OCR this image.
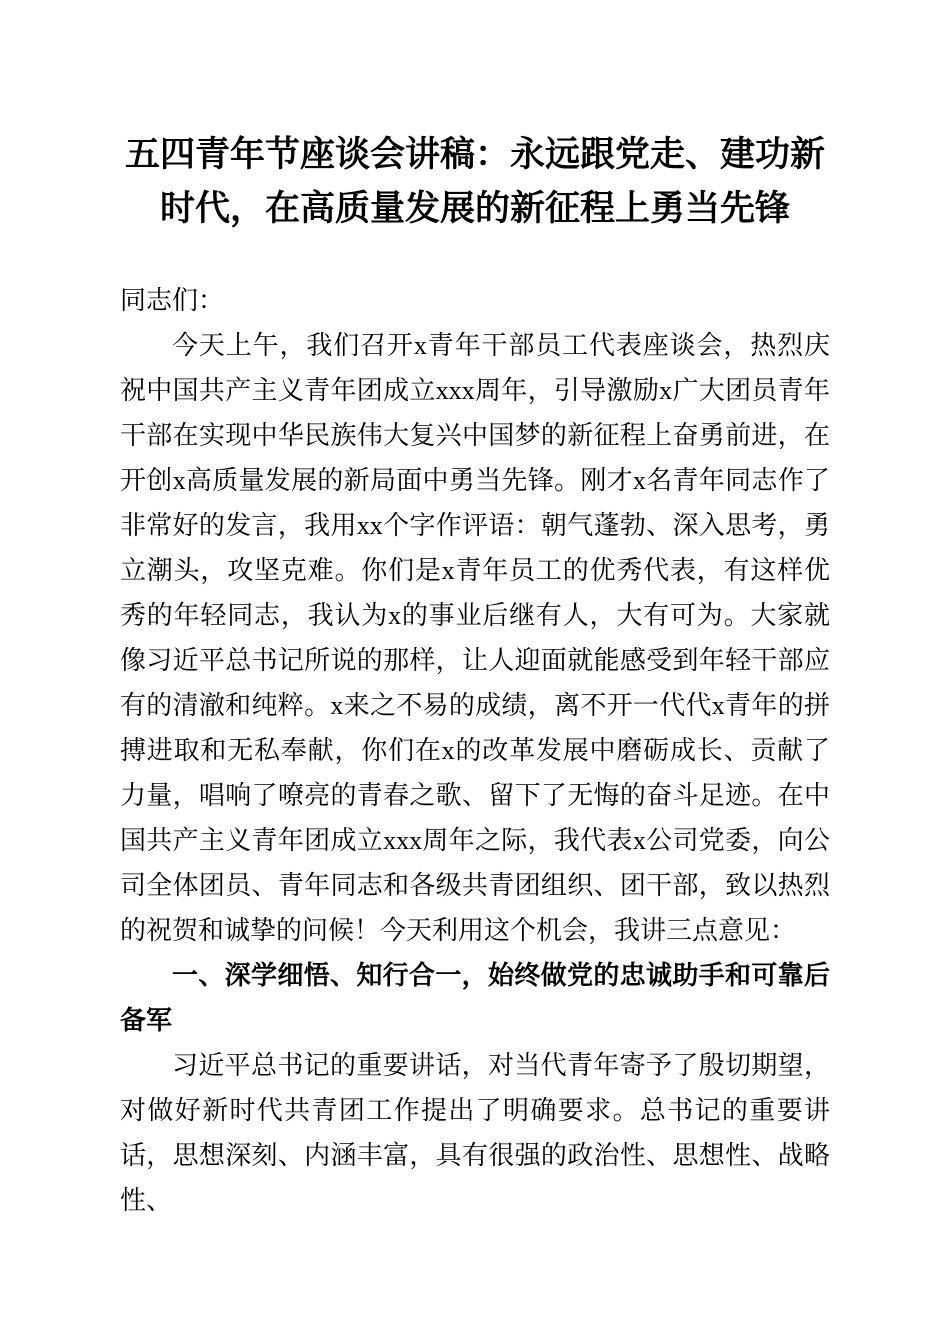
五四青年节座谈会讲稿：永远跟党走、建功新时代，在高质量发展的新征程上勇当先锋

同志们：

今天上午，我们召开x青年干部员工代表座谈会，热烈庆祝中国共产主义青年团成立xxx周年，引导激励x广大团员青年干部在实现中华民族伟大复兴中国梦的新征程上奋勇前进，在开创x高质量发展的新局面中勇当先锋。刚才x名青年同志作了非常好的发言，我用xx个字作评语：朝气蓬勃、深入思考，勇立潮头，攻坚克难。你们是x青年员工的优秀代表，有这样优秀的年轻同志，我认为x的事业后继有人，大有可为。大家就像习近平总书记所说的那样，让人迎面就能感受到年轻干部应有的清澈和纯粹。x来之不易的成绩，离不开一代代x青年的拼搏进取和无私奉献，你们在x的改革发展中磨砺成长、贡献了力量，唱响了嘹亮的青春之歌、留下了无悔的奋斗足迹。在中国共产主义青年团成立xxx周年之际，我代表x公司党委，向公司全体团员、青年同志和各级共青团组织、团干部，致以热烈的祝贺和诚挚的问候！今天利用这个机会，我讲三点意见：

一、深学细悟、知行合一，始终做党的忠诚助手和可靠后备军

习近平总书记的重要讲话，对当代青年寄予了殷切期望，对做好新时代共青团工作提出了明确要求。总书记的重要讲话，思想深刻、内涵丰富，具有很强的政治性、思想性、战略性、
